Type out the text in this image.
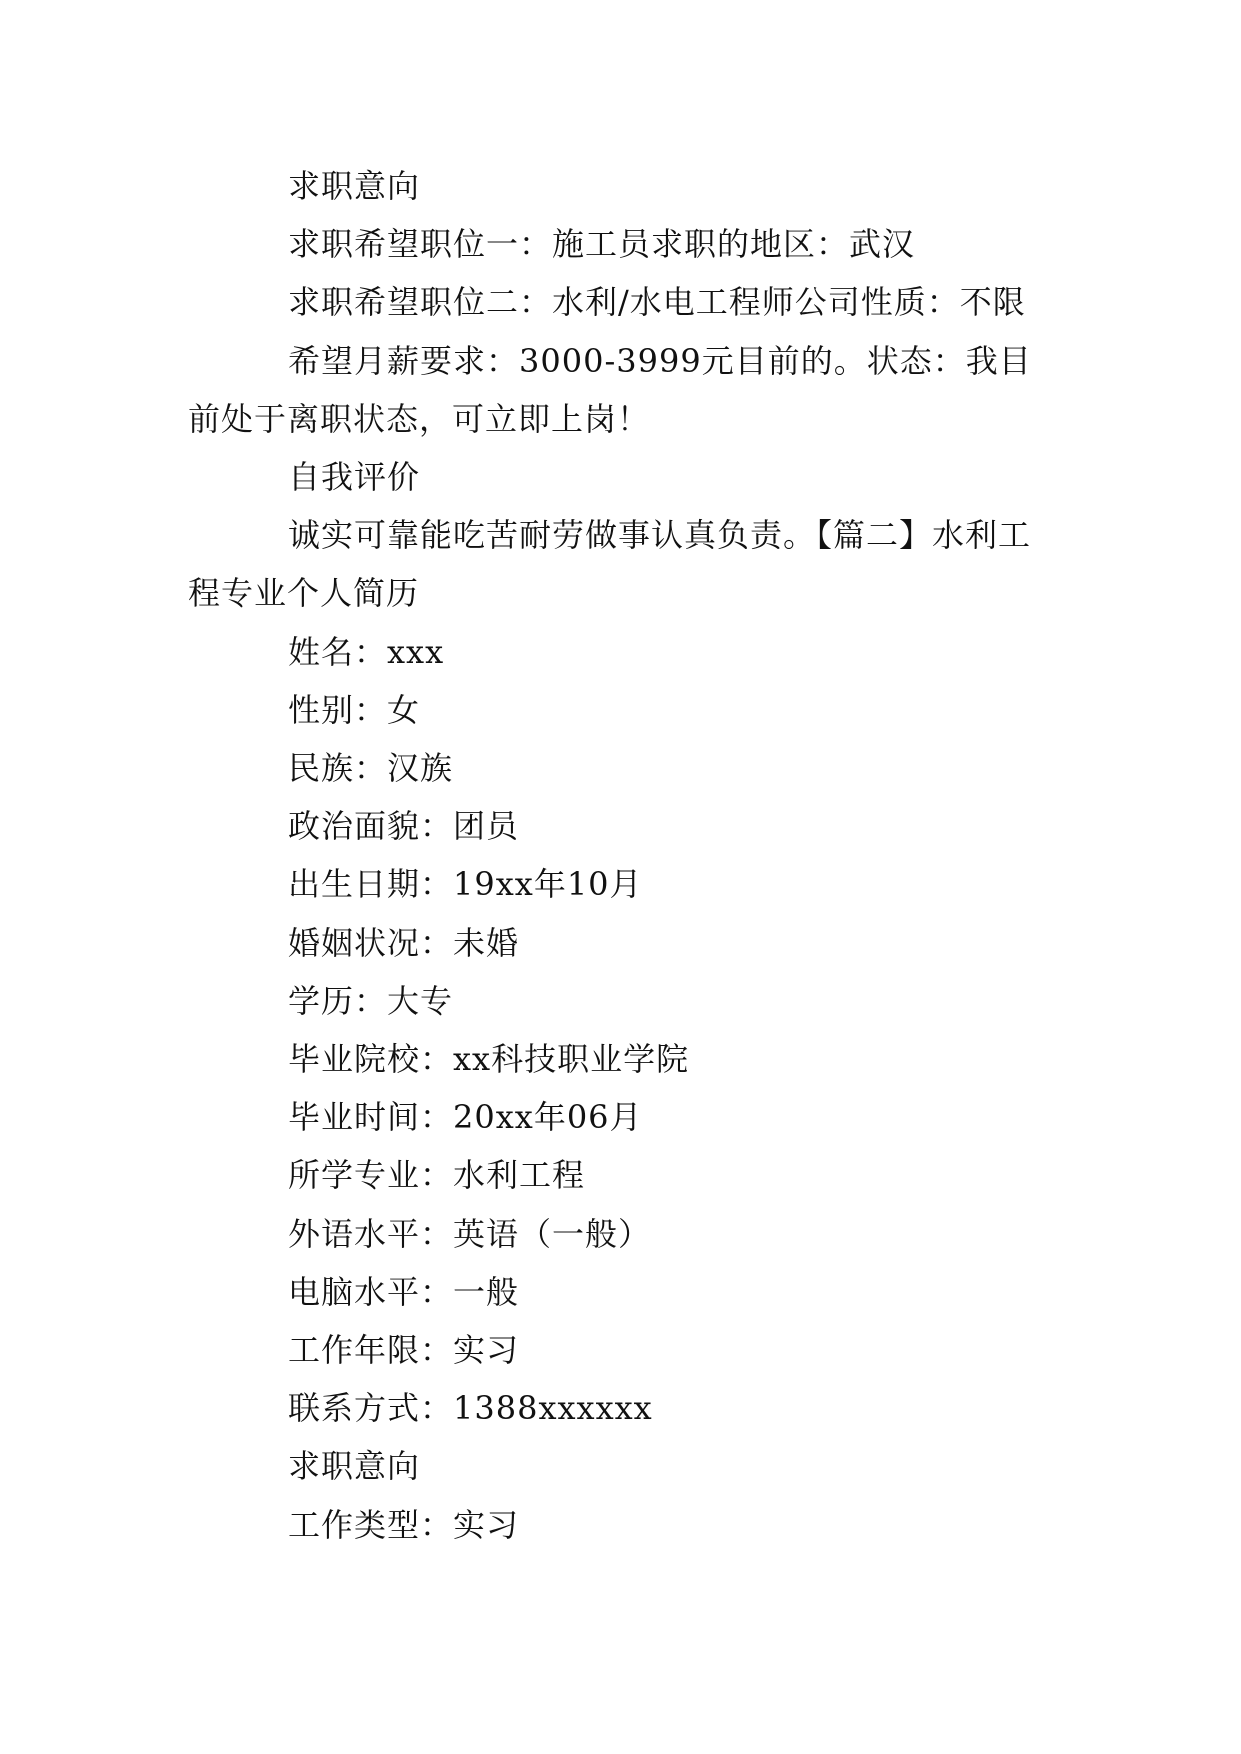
求职意向

求职希望职位一：施工员求职的地区：武汉

求职希望职位二：水利/水电工程师公司性质：不限

希望月薪要求：3000-3999元目前的。状态：我目前处于离职状态，可立即上岗！

自我评价

诚实可靠能吃苦耐劳做事认真负责。【篇二】水利工程专业个人简历

姓名：xxx

性别：女

民族：汉族

政治面貌：团员

出生日期：19xx年10月

婚姻状况：未婚

学历：大专

毕业院校：xx科技职业学院

毕业时间：20xx年06月

所学专业：水利工程

外语水平：英语（一般）

电脑水平：一般

工作年限：实习

联系方式：1388xxxxxx

求职意向

工作类型：实习
